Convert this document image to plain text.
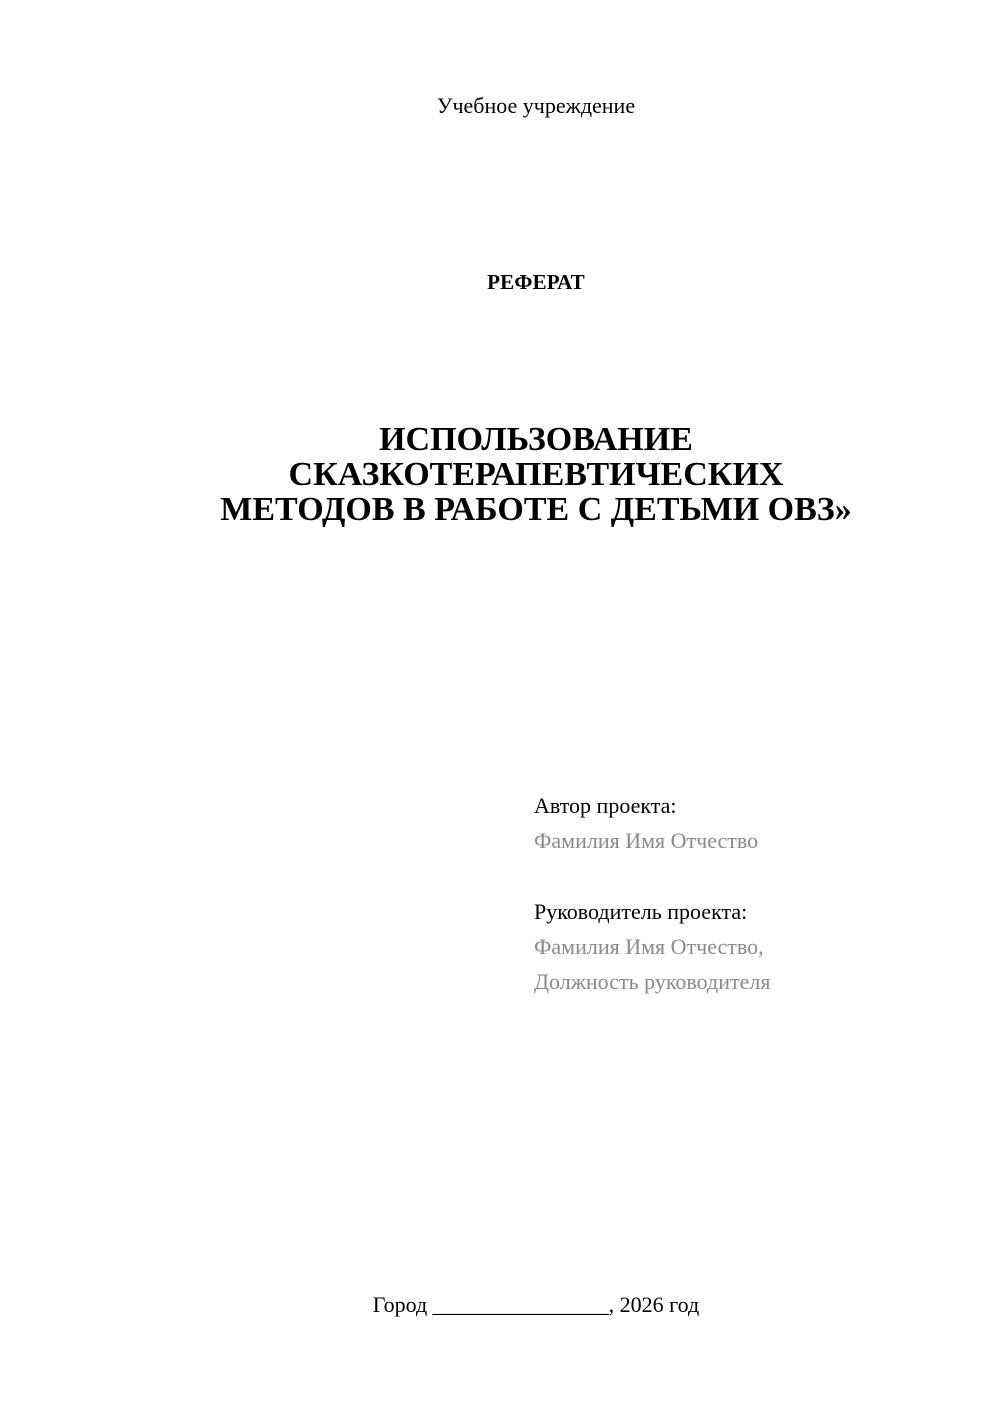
Учебное учреждение
РЕФЕРАТ
ИСПОЛЬЗОВАНИЕ
СКАЗКОТЕРАПЕВТИЧЕСКИХ
МЕТОДОВ В РАБОТЕ С ДЕТЬМИ ОВЗ»
Автор проекта:
Фамилия Имя Отчество
Руководитель проекта:
Фамилия Имя Отчество,
Должность руководителя
Город ________________, 2026 год
